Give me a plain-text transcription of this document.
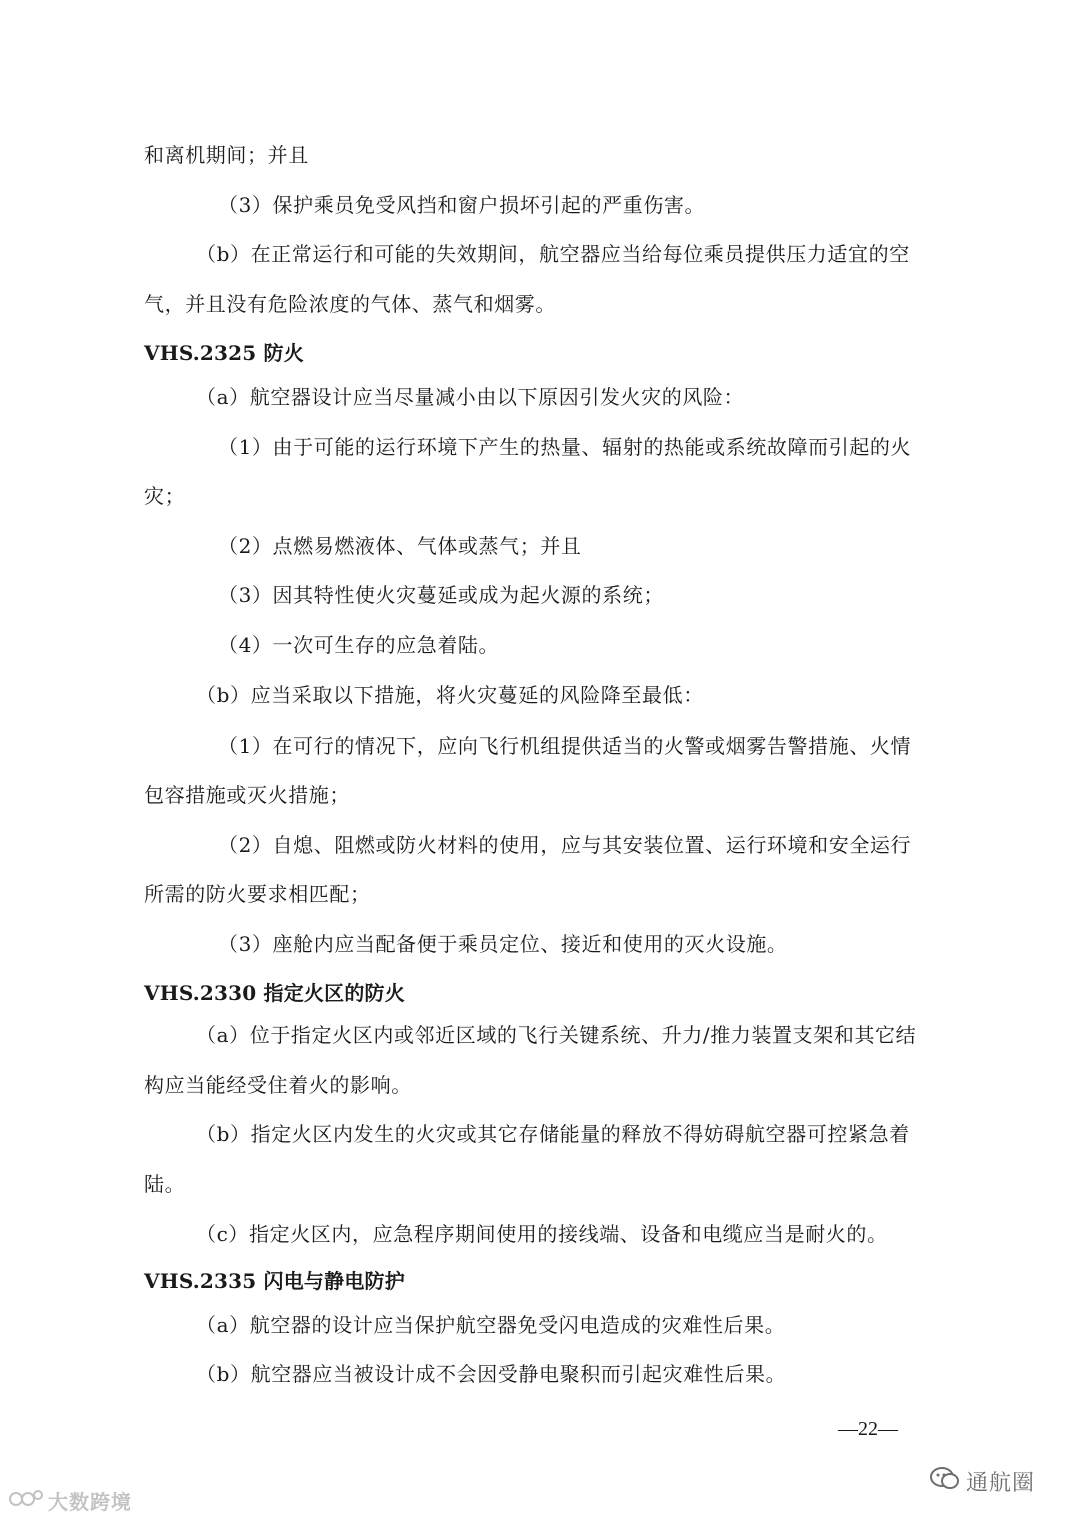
和离机期间；并且
（3）保护乘员免受风挡和窗户损坏引起的严重伤害。
（b）在正常运行和可能的失效期间，航空器应当给每位乘员提供压力适宜的空
气，并且没有危险浓度的气体、蒸气和烟雾。
VHS.2325 防火
（a）航空器设计应当尽量减小由以下原因引发火灾的风险：
（1）由于可能的运行环境下产生的热量、辐射的热能或系统故障而引起的火
灾；
（2）点燃易燃液体、气体或蒸气；并且
（3）因其特性使火灾蔓延或成为起火源的系统；
（4）一次可生存的应急着陆。
（b）应当采取以下措施，将火灾蔓延的风险降至最低：
（1）在可行的情况下，应向飞行机组提供适当的火警或烟雾告警措施、火情
包容措施或灭火措施；
（2）自熄、阻燃或防火材料的使用，应与其安装位置、运行环境和安全运行
所需的防火要求相匹配；
（3）座舱内应当配备便于乘员定位、接近和使用的灭火设施。
VHS.2330 指定火区的防火
（a）位于指定火区内或邻近区域的飞行关键系统、升力/推力装置支架和其它结
构应当能经受住着火的影响。
（b）指定火区内发生的火灾或其它存储能量的释放不得妨碍航空器可控紧急着
陆。
（c）指定火区内，应急程序期间使用的接线端、设备和电缆应当是耐火的。
VHS.2335 闪电与静电防护
（a）航空器的设计应当保护航空器免受闪电造成的灾难性后果。
（b）航空器应当被设计成不会因受静电聚积而引起灾难性后果。
—22—
大数跨境
通航圈
